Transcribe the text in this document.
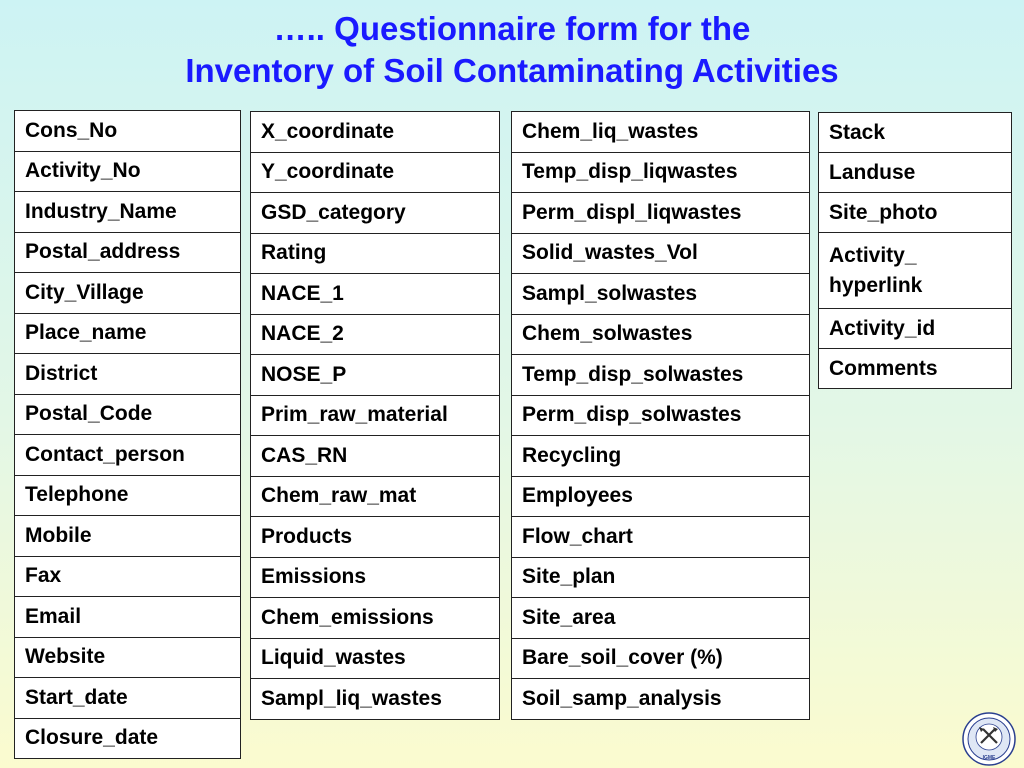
….. Questionnaire form for the
Inventory of Soil Contaminating Activities
Cons_No
Activity_No
Industry_Name
Postal_address
City_Village
Place_name
District
Postal_Code
Contact_person
Telephone
Mobile
Fax
Email
Website
Start_date
Closure_date
X_coordinate
Y_coordinate
GSD_category
Rating
NACE_1
NACE_2
NOSE_P
Prim_raw_material
CAS_RN
Chem_raw_mat
Products
Emissions
Chem_emissions
Liquid_wastes
Sampl_liq_wastes
Chem_liq_wastes
Temp_disp_liqwastes
Perm_displ_liqwastes
Solid_wastes_Vol
Sampl_solwastes
Chem_solwastes
Temp_disp_solwastes
Perm_disp_solwastes
Recycling
Employees
Flow_chart
Site_plan
Site_area
Bare_soil_cover (%)
Soil_samp_analysis
Stack
Landuse
Site_photo
Activity_ hyperlink
Activity_id
Comments
IGME
